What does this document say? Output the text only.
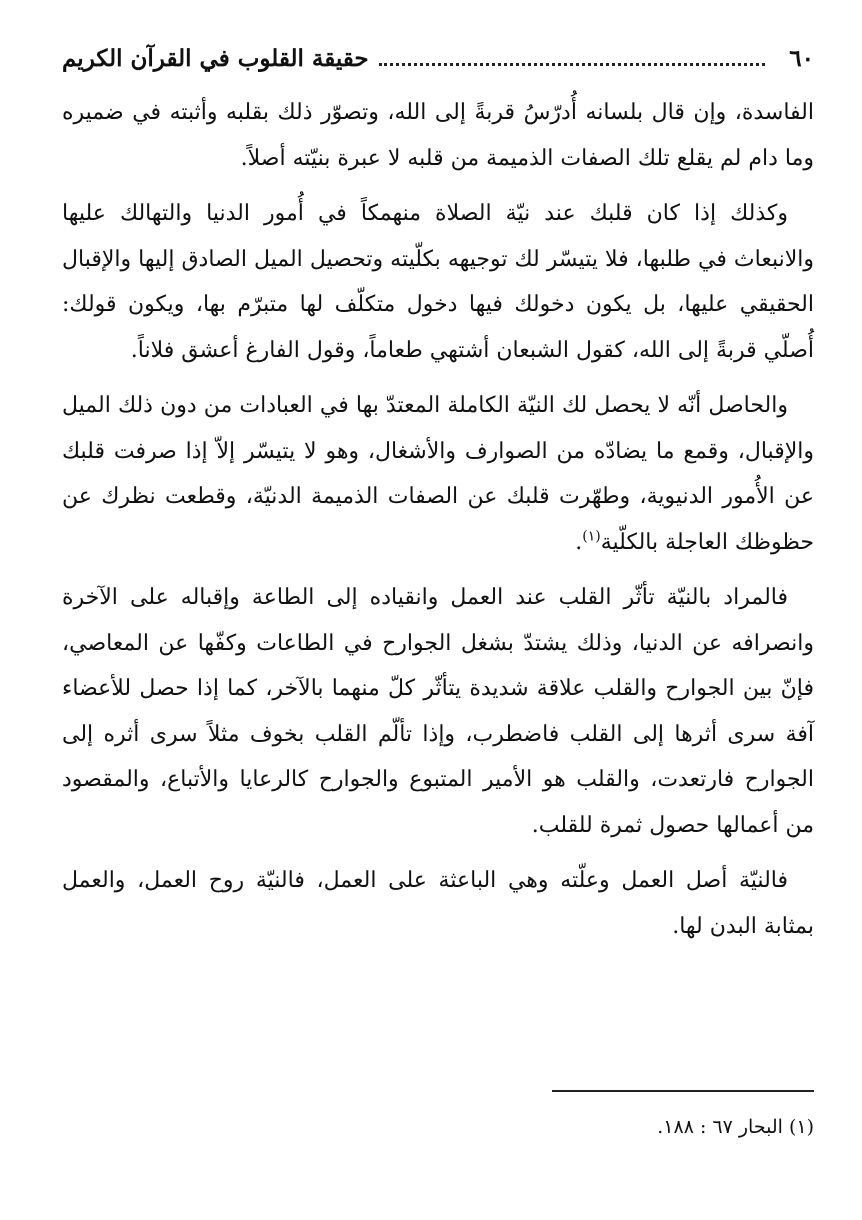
٦٠
حقيقة القلوب في القرآن الكريم

الفاسدة، وإن قال بلسانه أُدرّسُ قربةً إلى الله، وتصوّر ذلك بقلبه وأثبته في ضميره وما دام لم يقلع تلك الصفات الذميمة من قلبه لا عبرة بنيّته أصلاً.

وكذلك إذا كان قلبك عند نيّة الصلاة منهمكاً في أُمور الدنيا والتهالك عليها والانبعاث في طلبها، فلا يتيسّر لك توجيهه بكلّيته وتحصيل الميل الصادق إليها والإقبال الحقيقي عليها، بل يكون دخولك فيها دخول متكلّف لها متبرّم بها، ويكون قولك: أُصلّي قربةً إلى الله، كقول الشبعان أشتهي طعاماً، وقول الفارغ أعشق فلاناً.

والحاصل أنّه لا يحصل لك النيّة الكاملة المعتدّ بها في العبادات من دون ذلك الميل والإقبال، وقمع ما يضادّه من الصوارف والأشغال، وهو لا يتيسّر إلاّ إذا صرفت قلبك عن الأُمور الدنيوية، وطهّرت قلبك عن الصفات الذميمة الدنيّة، وقطعت نظرك عن حظوظك العاجلة بالكلّية$^{(١)}$.

فالمراد بالنيّة تأثّر القلب عند العمل وانقياده إلى الطاعة وإقباله على الآخرة وانصرافه عن الدنيا، وذلك يشتدّ بشغل الجوارح في الطاعات وكفّها عن المعاصي، فإنّ بين الجوارح والقلب علاقة شديدة يتأثّر كلّ منهما بالآخر، كما إذا حصل للأعضاء آفة سرى أثرها إلى القلب فاضطرب، وإذا تألّم القلب بخوف مثلاً سرى أثره إلى الجوارح فارتعدت، والقلب هو الأمير المتبوع والجوارح كالرعايا والأتباع، والمقصود من أعمالها حصول ثمرة للقلب.

فالنيّة أصل العمل وعلّته وهي الباعثة على العمل، فالنيّة روح العمل، والعمل بمثابة البدن لها.

(١) البحار ٦٧ : ١٨٨.
